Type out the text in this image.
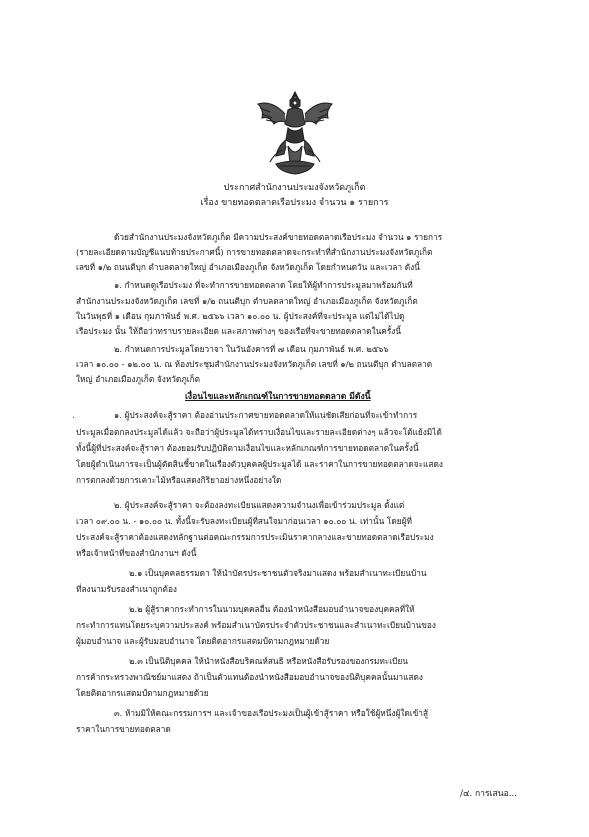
ประกาศสำนักงานประมงจังหวัดภูเก็ต
เรื่อง ขายทอดตลาดเรือประมง จำนวน ๑ รายการ
ด้วยสำนักงานประมงจังหวัดภูเก็ต มีความประสงค์ขายทอดตลาดเรือประมง จำนวน ๑ รายการ
(รายละเอียดตามบัญชีแนบท้ายประกาศนี้) การขายทอดตลาดจะกระทำที่สำนักงานประมงจังหวัดภูเก็ต
เลขที่ ๑/๒ ถนนตีบุก ตำบลตลาดใหญ่ อำเภอเมืองภูเก็ต จังหวัดภูเก็ต โดยกำหนดวัน และเวลา ดังนี้
๑. กำหนดดูเรือประมง ที่จะทำการขายทอดตลาด โดยให้ผู้ทำการประมูลมาพร้อมกันที่
สำนักงานประมงจังหวัดภูเก็ต เลขที่ ๑/๒ ถนนตีบุก ตำบลตลาดใหญ่ อำเภอเมืองภูเก็ต จังหวัดภูเก็ต
ในวันพุธที่ ๑ เดือน กุมภาพันธ์ พ.ศ. ๒๕๖๖ เวลา ๑๐.๐๐ น. ผู้ประสงค์ที่จะประมูล แต่ไม่ได้ไปดู
เรือประมง นั้น ให้ถือว่าทราบรายละเอียด และสภาพต่างๆ ของเรือที่จะขายทอดตลาดในครั้งนี้
๒. กำหนดการประมูลโดยวาจา ในวันอังคารที่ ๗ เดือน กุมภาพันธ์ พ.ศ. ๒๕๖๖
เวลา ๑๐.๐๐ - ๑๒.๐๐ น. ณ ห้องประชุมสำนักงานประมงจังหวัดภูเก็ต เลขที่ ๑/๒ ถนนตีบุก ตำบลตลาด
ใหญ่ อำเภอเมืองภูเก็ต จังหวัดภูเก็ต
เงื่อนไขและหลักเกณฑ์ในการขายทอดตลาด มีดังนี้
·	๑. ผู้ประสงค์จะสู้ราคา ต้องอ่านประกาศขายทอดตลาดให้แน่ชัดเสียก่อนที่จะเข้าทำการ
ประมูลเมื่อตกลงประมูลได้แล้ว จะถือว่าผู้ประมูลได้ทราบเงื่อนไขและรายละเอียดต่างๆ แล้วจะโต้แย้งมิได้
ทั้งนี้ผู้ที่ประสงค์จะสู้ราคา ต้องยอมรับปฏิบัติตามเงื่อนไขและหลักเกณฑ์การขายทอดตลาดในครั้งนี้
โดยผู้ดำเนินการจะเป็นผู้ตัดสินชี้ขาดในเรื่องตัวบุคคลผู้ประมูลได้ และราคาในการขายทอดตลาดจะแสดง
การตกลงด้วยการเคาะไม้หรือแสดงกิริยาอย่างหนึ่งอย่างใด
๒. ผู้ประสงค์จะสู้ราคา จะต้องลงทะเบียนแสดงความจำนงเพื่อเข้าร่วมประมูล ตั้งแต่
เวลา ๐๙.๐๐ น. - ๑๐.๐๐ น. ทั้งนี้จะรับลงทะเบียนผู้ที่สนใจมาก่อนเวลา ๑๐.๐๐ น. เท่านั้น โดยผู้ที่
ประสงค์จะสู้ราคาต้องแสดงหลักฐานต่อคณะกรรมการประเมินราคากลางและขายทอดตลาดเรือประมง
หรือเจ้าหน้าที่ของสำนักงานฯ ดังนี้
๒.๑ เป็นบุคคลธรรมดา ให้นำบัตรประชาชนตัวจริงมาแสดง พร้อมสำเนาทะเบียนบ้าน
ที่ลงนามรับรองสำเนาถูกต้อง
๒.๒ ผู้สู้ราคากระทำการในนามบุคคลอื่น ต้องนำหนังสือมอบอำนาจของบุคคลที่ให้
กระทำการแทนโดยระบุความประสงค์ พร้อมสำเนาบัตรประจำตัวประชาชนและสำเนาทะเบียนบ้านของ
ผู้มอบอำนาจ และผู้รับมอบอำนาจ โดยติดอากรแสตมป์ตามกฎหมายด้วย
๒.๓ เป็นนิติบุคคล ให้นำหนังสือบริคณห์สนธิ หรือหนังสือรับรองของกรมทะเบียน
การค้ากระทรวงพาณิชย์มาแสดง ถ้าเป็นตัวแทนต้องนำหนังสือมอบอำนาจของนิติบุคคลนั้นมาแสดง
โดยติดอากรแสตมป์ตามกฎหมายด้วย
๓. ห้ามมิให้คณะกรรมการฯ และเจ้าของเรือประมงเป็นผู้เข้าสู้ราคา หรือใช้ผู้หนึ่งผู้ใดเข้าสู้
ราคาในการขายทอดตลาด
/๔. การเสนอ...
